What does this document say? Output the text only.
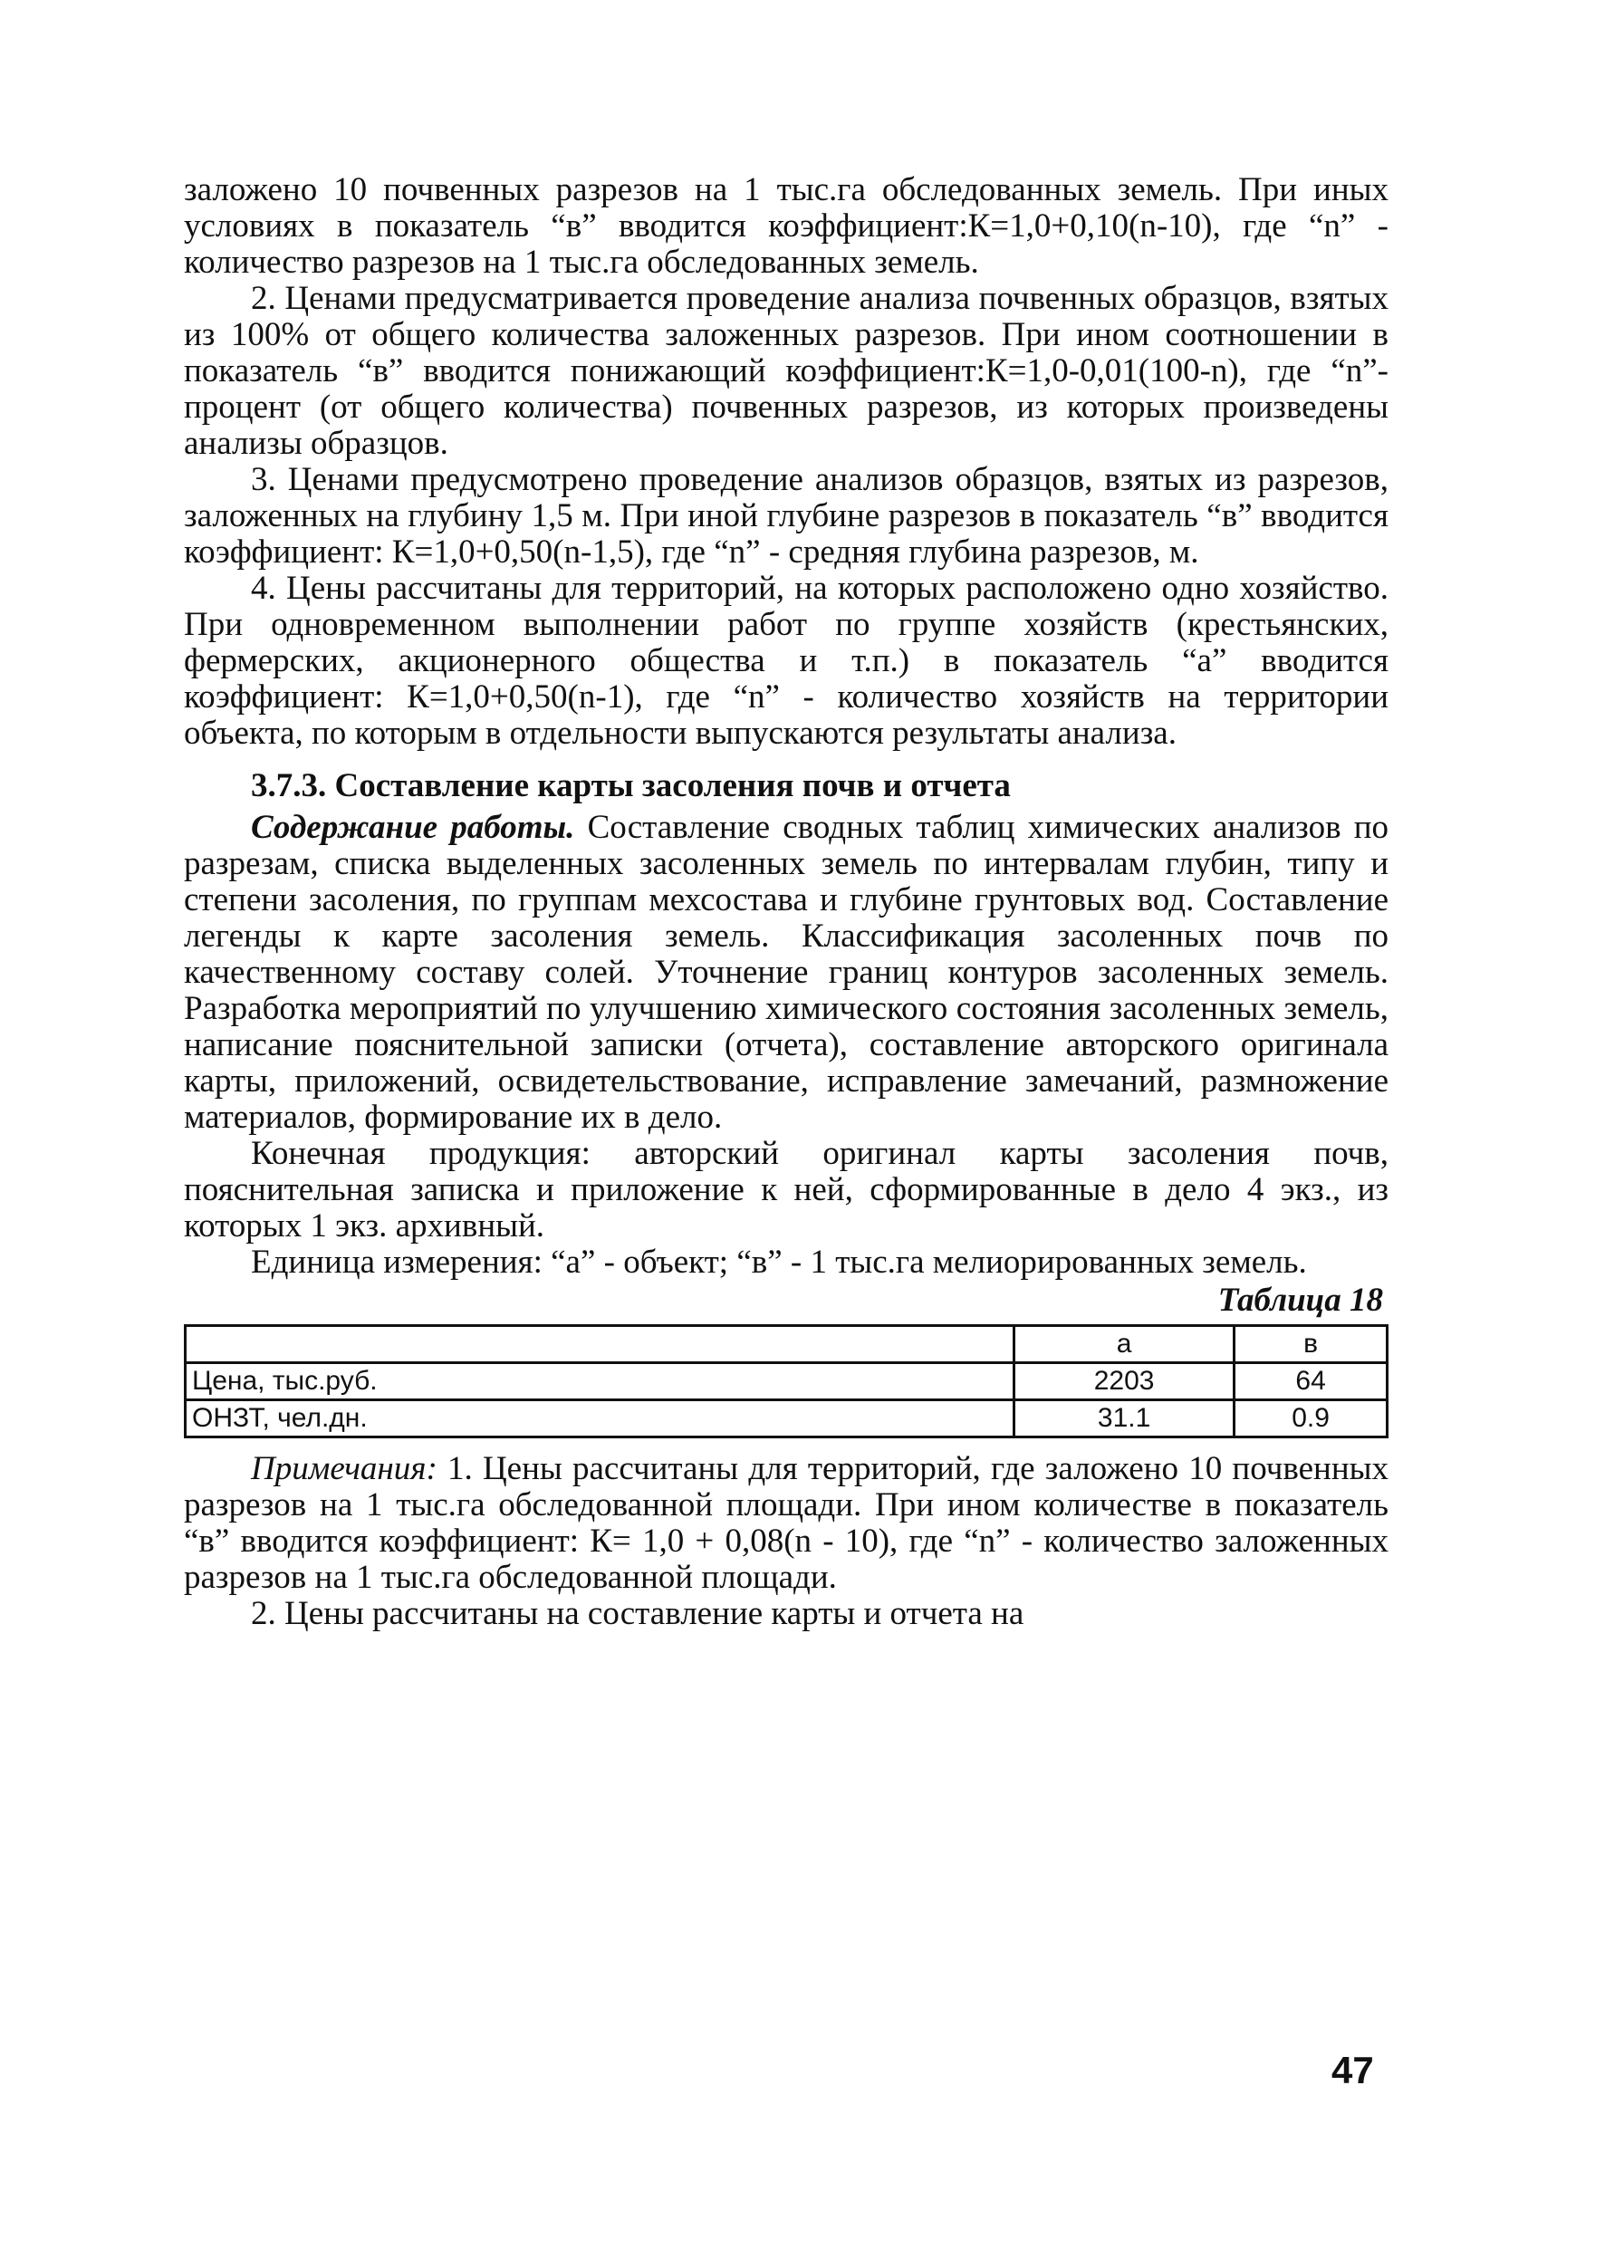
заложено 10 почвенных разрезов на 1 тыс.га обследованных земель. При иных условиях в показатель “в” вводится коэффициент:К=1,0+0,10(n-10), где “n” - количество разрезов на 1 тыс.га обследованных земель.

2. Ценами предусматривается проведение анализа почвенных образцов, взятых из 100% от общего количества заложенных разрезов. При ином соотношении в показатель “в” вводится понижающий коэффициент:К=1,0-0,01(100-n), где “n”- процент (от общего количества) почвенных разрезов, из которых произведены анализы образцов.

3. Ценами предусмотрено проведение анализов образцов, взятых из разрезов, заложенных на глубину 1,5 м. При иной глубине разрезов в показатель “в” вводится коэффициент: К=1,0+0,50(n-1,5), где “n” - средняя глубина разрезов, м.

4. Цены рассчитаны для территорий, на которых расположено одно хозяйство. При одновременном выполнении работ по группе хозяйств (крестьянских, фермерских, акционерного общества и т.п.) в показатель “а” вводится коэффициент: К=1,0+0,50(n-1), где “n” - количество хозяйств на территории объекта, по которым в отдельности выпускаются результаты анализа.

3.7.3. Составление карты засоления почв и отчета

Содержание работы. Составление сводных таблиц химических анализов по разрезам, списка выделенных засоленных земель по интервалам глубин, типу и степени засоления, по группам мехсостава и глубине грунтовых вод. Составление легенды к карте засоления земель. Классификация засоленных почв по качественному составу солей. Уточнение границ контуров засоленных земель. Разработка мероприятий по улучшению химического состояния засоленных земель, написание пояснительной записки (отчета), составление авторского оригинала карты, приложений, освидетельствование, исправление замечаний, размножение материалов, формирование их в дело.

Конечная продукция: авторский оригинал карты засоления почв, пояснительная записка и приложение к ней, сформированные в дело 4 экз., из которых 1 экз. архивный.

Единица измерения: “а” - объект; “в” - 1 тыс.га мелиорированных земель.

Таблица 18

	а	в
Цена, тыс.руб.	2203	64
ОНЗТ, чел.дн.	31.1	0.9

Примечания: 1. Цены рассчитаны для территорий, где заложено 10 почвенных разрезов на 1 тыс.га обследованной площади. При ином количестве в показатель “в” вводится коэффициент: К= 1,0 + 0,08(n - 10), где “n” - количество заложенных разрезов на 1 тыс.га обследованной площади.

2. Цены рассчитаны на составление карты и отчета на

47
